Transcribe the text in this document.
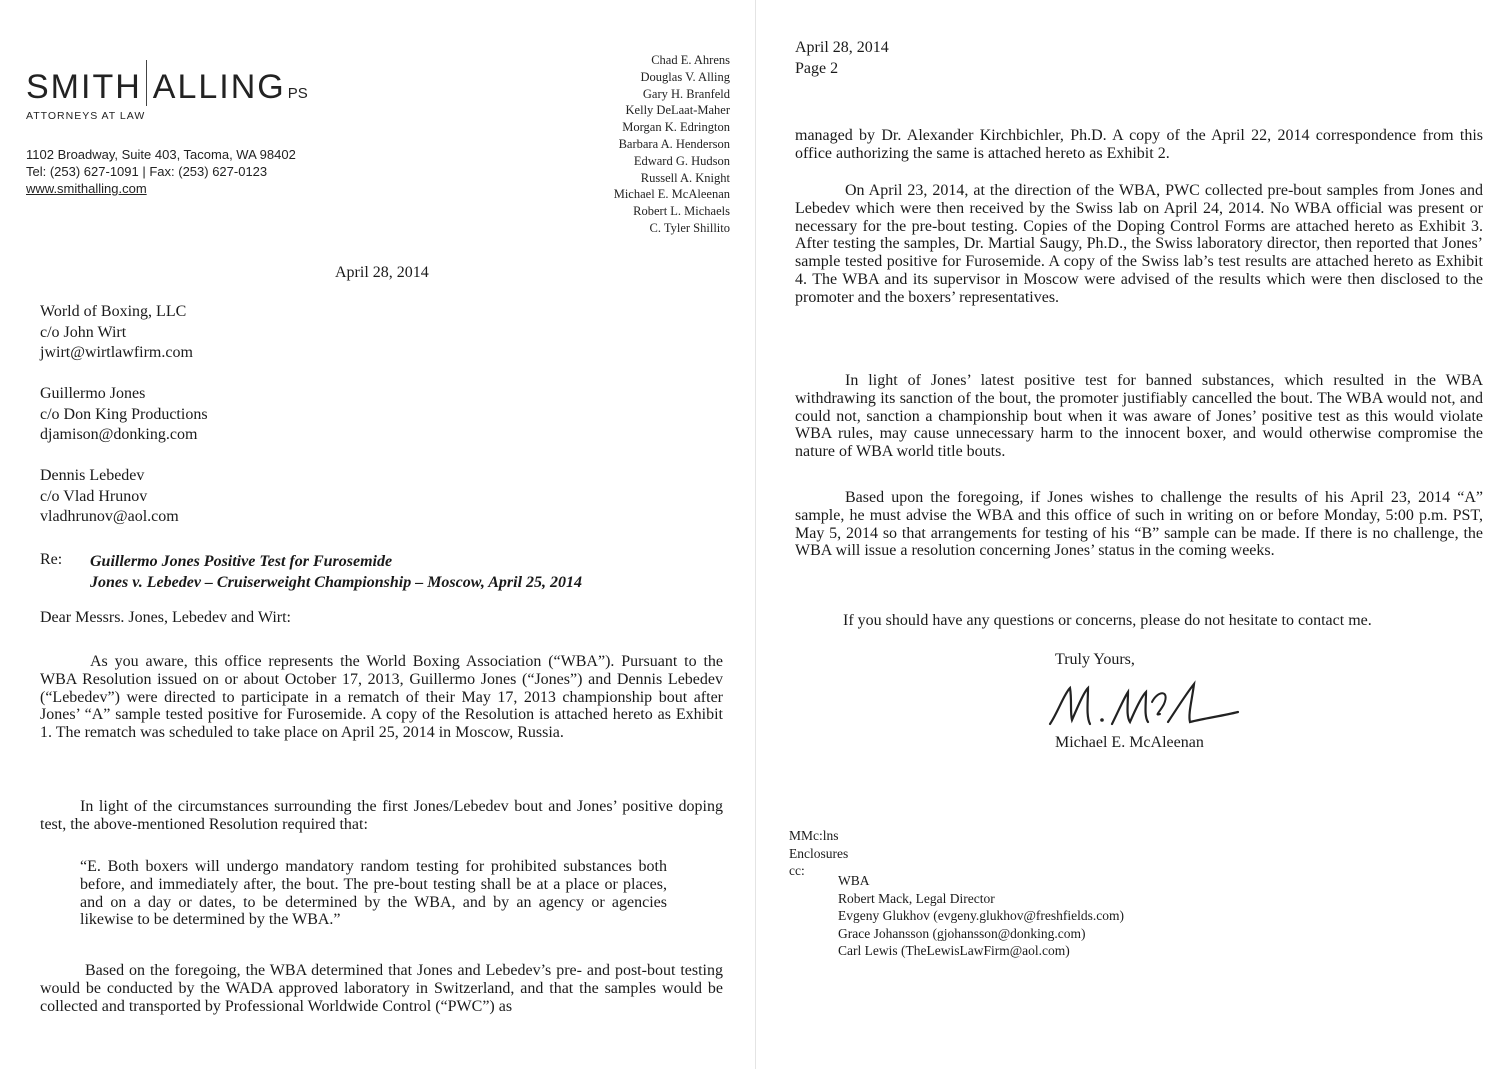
SMITH ALLING PS
ATTORNEYS AT LAW
1102 Broadway, Suite 403, Tacoma, WA 98402
Tel: (253) 627-1091 | Fax: (253) 627-0123
www.smithalling.com
Chad E. Ahrens
Douglas V. Alling
Gary H. Branfeld
Kelly DeLaat-Maher
Morgan K. Edrington
Barbara A. Henderson
Edward G. Hudson
Russell A. Knight
Michael E. McAleenan
Robert L. Michaels
C. Tyler Shillito
April 28, 2014
World of Boxing, LLC
c/o John Wirt
jwirt@wirtlawfirm.com
Guillermo Jones
c/o Don King Productions
djamison@donking.com
Dennis Lebedev
c/o Vlad Hrunov
vladhrunov@aol.com
Re: Guillermo Jones Positive Test for Furosemide
Jones v. Lebedev – Cruiserweight Championship – Moscow, April 25, 2014
Dear Messrs. Jones, Lebedev and Wirt:
As you aware, this office represents the World Boxing Association (“WBA”). Pursuant to the WBA Resolution issued on or about October 17, 2013, Guillermo Jones (“Jones”) and Dennis Lebedev (“Lebedev”) were directed to participate in a rematch of their May 17, 2013 championship bout after Jones’ “A” sample tested positive for Furosemide. A copy of the Resolution is attached hereto as Exhibit 1. The rematch was scheduled to take place on April 25, 2014 in Moscow, Russia.
In light of the circumstances surrounding the first Jones/Lebedev bout and Jones’ positive doping test, the above-mentioned Resolution required that:
“E. Both boxers will undergo mandatory random testing for prohibited substances both before, and immediately after, the bout. The pre-bout testing shall be at a place or places, and on a day or dates, to be determined by the WBA, and by an agency or agencies likewise to be determined by the WBA.”
Based on the foregoing, the WBA determined that Jones and Lebedev’s pre- and post-bout testing would be conducted by the WADA approved laboratory in Switzerland, and that the samples would be collected and transported by Professional Worldwide Control (“PWC”) as
April 28, 2014
Page 2
managed by Dr. Alexander Kirchbichler, Ph.D. A copy of the April 22, 2014 correspondence from this office authorizing the same is attached hereto as Exhibit 2.
On April 23, 2014, at the direction of the WBA, PWC collected pre-bout samples from Jones and Lebedev which were then received by the Swiss lab on April 24, 2014. No WBA official was present or necessary for the pre-bout testing. Copies of the Doping Control Forms are attached hereto as Exhibit 3. After testing the samples, Dr. Martial Saugy, Ph.D., the Swiss laboratory director, then reported that Jones’ sample tested positive for Furosemide. A copy of the Swiss lab’s test results are attached hereto as Exhibit 4. The WBA and its supervisor in Moscow were advised of the results which were then disclosed to the promoter and the boxers’ representatives.
In light of Jones’ latest positive test for banned substances, which resulted in the WBA withdrawing its sanction of the bout, the promoter justifiably cancelled the bout. The WBA would not, and could not, sanction a championship bout when it was aware of Jones’ positive test as this would violate WBA rules, may cause unnecessary harm to the innocent boxer, and would otherwise compromise the nature of WBA world title bouts.
Based upon the foregoing, if Jones wishes to challenge the results of his April 23, 2014 “A” sample, he must advise the WBA and this office of such in writing on or before Monday, 5:00 p.m. PST, May 5, 2014 so that arrangements for testing of his “B” sample can be made. If there is no challenge, the WBA will issue a resolution concerning Jones’ status in the coming weeks.
If you should have any questions or concerns, please do not hesitate to contact me.
Truly Yours,
Michael E. McAleenan
MMc:lns
Enclosures
cc:
WBA
Robert Mack, Legal Director
Evgeny Glukhov (evgeny.glukhov@freshfields.com)
Grace Johansson (gjohansson@donking.com)
Carl Lewis (TheLewisLawFirm@aol.com)
